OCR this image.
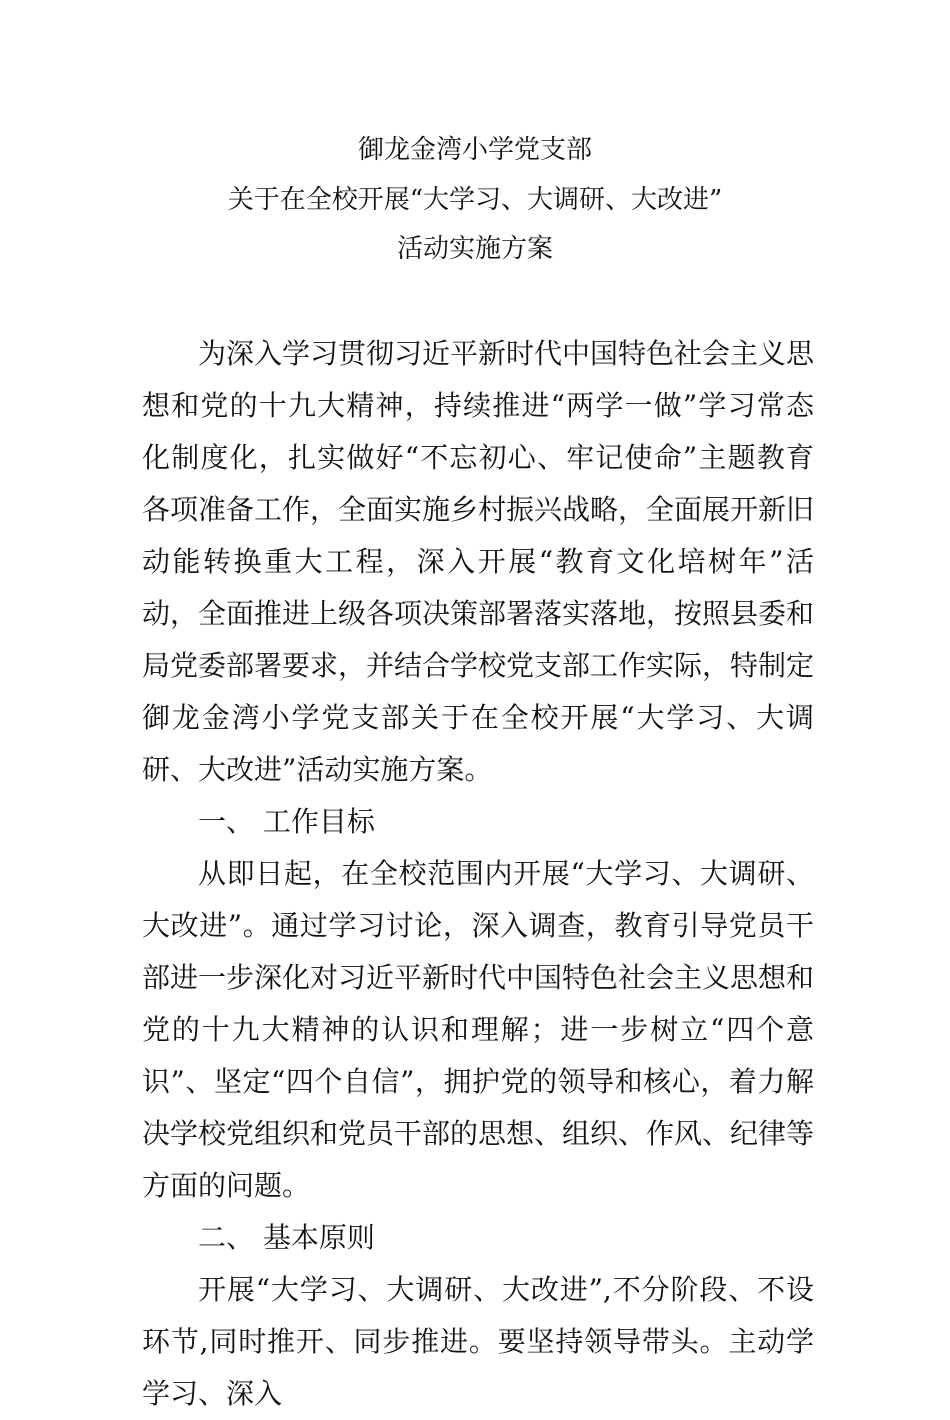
御龙金湾小学党支部
关于在全校开展“大学习、大调研、大改进”
活动实施方案

为深入学习贯彻习近平新时代中国特色社会主义思想和党的十九大精神，持续推进“两学一做”学习常态化制度化，扎实做好“不忘初心、牢记使命”主题教育各项准备工作，全面实施乡村振兴战略，全面展开新旧动能转换重大工程，深入开展“教育文化培树年”活动，全面推进上级各项决策部署落实落地，按照县委和局党委部署要求，并结合学校党支部工作实际，特制定御龙金湾小学党支部关于在全校开展“大学习、大调研、大改进”活动实施方案。

一、 工作目标

从即日起，在全校范围内开展“大学习、大调研、大改进”。通过学习讨论，深入调查，教育引导党员干部进一步深化对习近平新时代中国特色社会主义思想和党的十九大精神的认识和理解；进一步树立“四个意识”、坚定“四个自信”，拥护党的领导和核心，着力解决学校党组织和党员干部的思想、组织、作风、纪律等方面的问题。

二、 基本原则

开展“大学习、大调研、大改进”,不分阶段、不设环节,同时推开、同步推进。要坚持领导带头。主动学学习、深入
